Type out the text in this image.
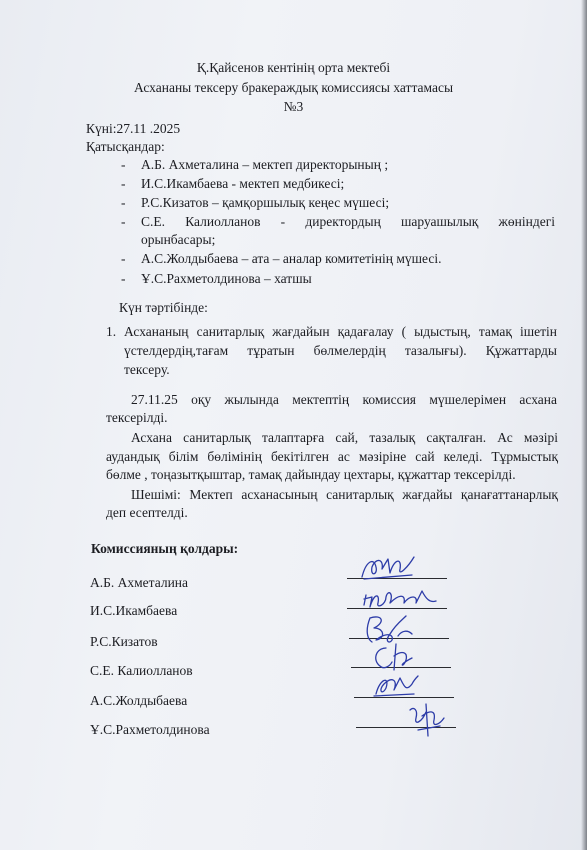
Қ.Қайсенов кентінің орта мектебі
Асхананы тексеру бракераждық комиссиясы хаттамасы
№3
Күні:27.11 .2025
Қатысқандар:
- А.Б. Ахметалина – мектеп директорының ;
- И.С.Икамбаева - мектеп медбикесі;
- Р.С.Кизатов – қамқоршылық кеңес мүшесі;
- С.Е. Калиолланов - директордың шаруашылық жөніндегі
орынбасары;
- А.С.Жолдыбаева – ата – аналар комитетінің мүшесі.
- Ұ.С.Рахметолдинова – хатшы
Күн тәртібінде:
1. Асхананың санитарлық жағдайын қадағалау ( ыдыстың, тамақ ішетін
үстелдердің,тағам тұратын бөлмелердің тазалығы). Құжаттарды
тексеру.
27.11.25 оқу жылында мектептің комиссия мүшелерімен асхана
тексерілді.
Асхана санитарлық талаптарға сай, тазалық сақталған. Ас мәзірі
аудандық білім бөлімінің бекітілген ас мәзіріне сай келеді. Тұрмыстық
бөлме , тоңазытқыштар, тамақ дайындау цехтары, құжаттар тексерілді.
Шешімі: Мектеп асханасының санитарлық жағдайы қанағаттанарлық
деп есептелді.
Комиссияның қолдары:
А.Б. Ахметалина
И.С.Икамбаева
Р.С.Кизатов
С.Е. Калиолланов
А.С.Жолдыбаева
Ұ.С.Рахметолдинова
